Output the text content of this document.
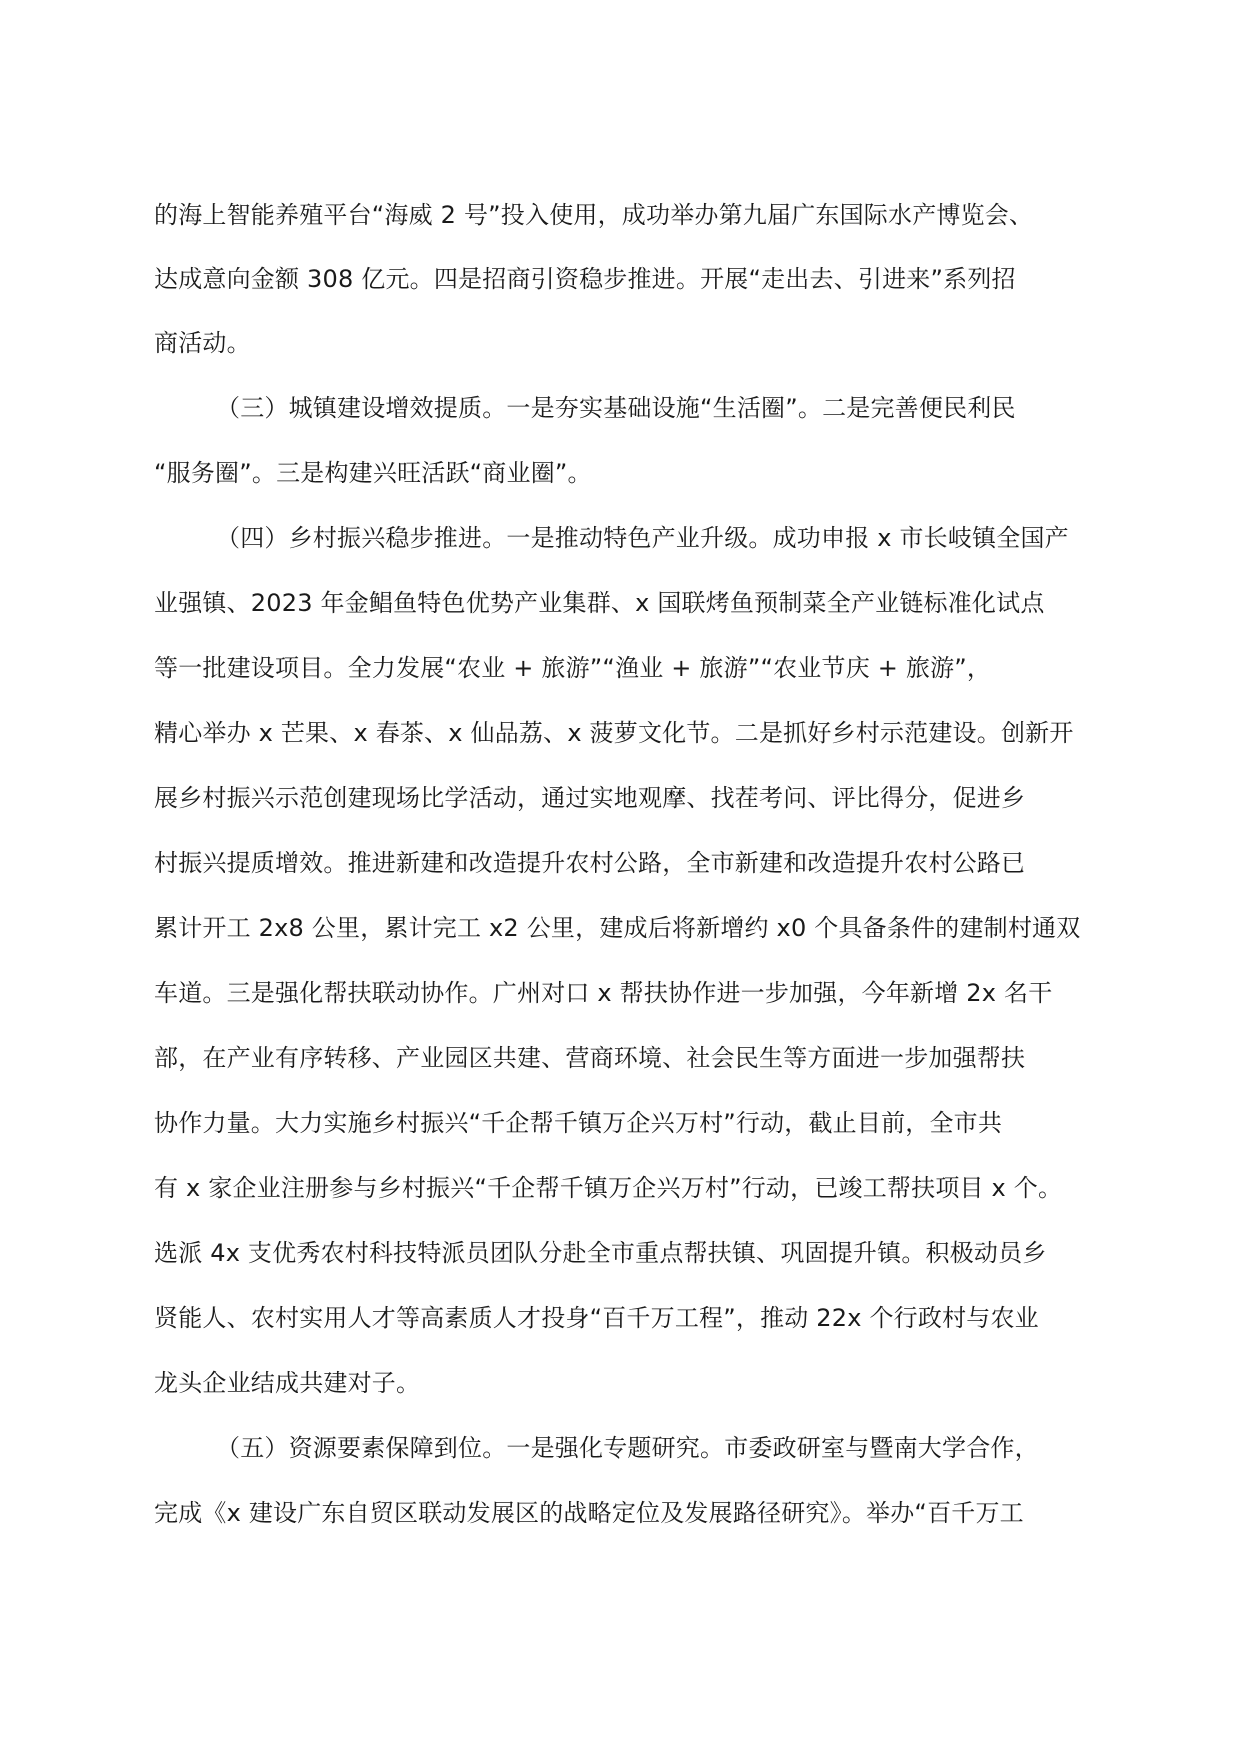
的海上智能养殖平台“海威 2 号”投入使用，成功举办第九届广东国际水产博览会、
达成意向金额 308 亿元。四是招商引资稳步推进。开展“走出去、引进来”系列招
商活动。
（三）城镇建设增效提质。一是夯实基础设施“生活圈”。二是完善便民利民
“服务圈”。三是构建兴旺活跃“商业圈”。
（四）乡村振兴稳步推进。一是推动特色产业升级。成功申报 x 市长岐镇全国产
业强镇、2023 年金鲳鱼特色优势产业集群、x 国联烤鱼预制菜全产业链标准化试点
等一批建设项目。全力发展“农业 + 旅游”“渔业 + 旅游”“农业节庆 + 旅游”，
精心举办 x 芒果、x 春茶、x 仙品荔、x 菠萝文化节。二是抓好乡村示范建设。创新开
展乡村振兴示范创建现场比学活动，通过实地观摩、找茬考问、评比得分，促进乡
村振兴提质增效。推进新建和改造提升农村公路，全市新建和改造提升农村公路已
累计开工 2x8 公里，累计完工 x2 公里，建成后将新增约 x0 个具备条件的建制村通双
车道。三是强化帮扶联动协作。广州对口 x 帮扶协作进一步加强，今年新增 2x 名干
部，在产业有序转移、产业园区共建、营商环境、社会民生等方面进一步加强帮扶
协作力量。大力实施乡村振兴“千企帮千镇万企兴万村”行动，截止目前，全市共
有 x 家企业注册参与乡村振兴“千企帮千镇万企兴万村”行动，已竣工帮扶项目 x 个。
选派 4x 支优秀农村科技特派员团队分赴全市重点帮扶镇、巩固提升镇。积极动员乡
贤能人、农村实用人才等高素质人才投身“百千万工程”，推动 22x 个行政村与农业
龙头企业结成共建对子。
（五）资源要素保障到位。一是强化专题研究。市委政研室与暨南大学合作，
完成《x 建设广东自贸区联动发展区的战略定位及发展路径研究》。举办“百千万工
